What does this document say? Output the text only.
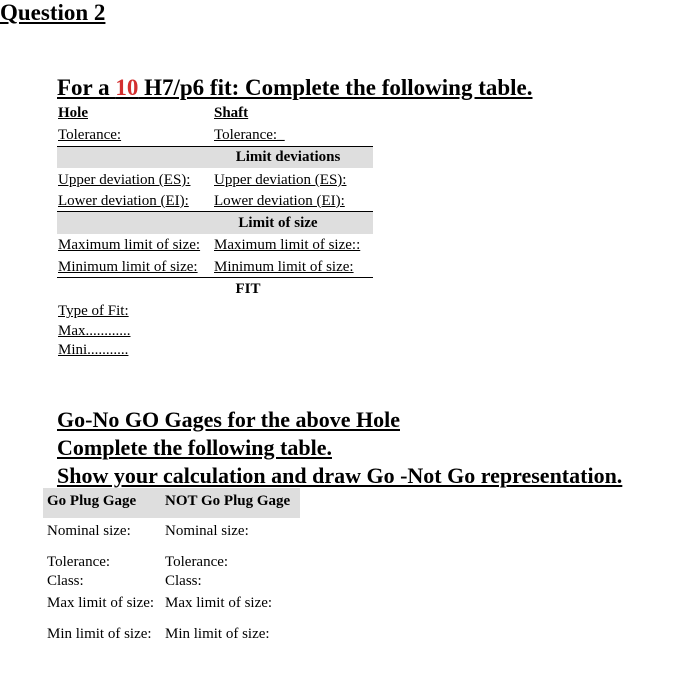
Question 2
For a 10 H7/p6 fit: Complete the following table.
Hole	Shaft
Tolerance:	Tolerance:_
Limit deviations
Upper deviation (ES): Upper deviation (ES):
Lower deviation (EI): Lower deviation (EI):
Limit of size
Maximum limit of size: Maximum limit of size::
Minimum limit of size: Minimum limit of size:
FIT
Type of Fit:
Max............
Mini...........
Go-No GO Gages for the above Hole
Complete the following table.
Show your calculation and draw Go -Not Go representation.
Go Plug Gage NOT Go Plug Gage
Nominal size: Nominal size:
Tolerance:	Tolerance:
Class:	Class:
Max limit of size: Max limit of size:
Min limit of size: Min limit of size:
